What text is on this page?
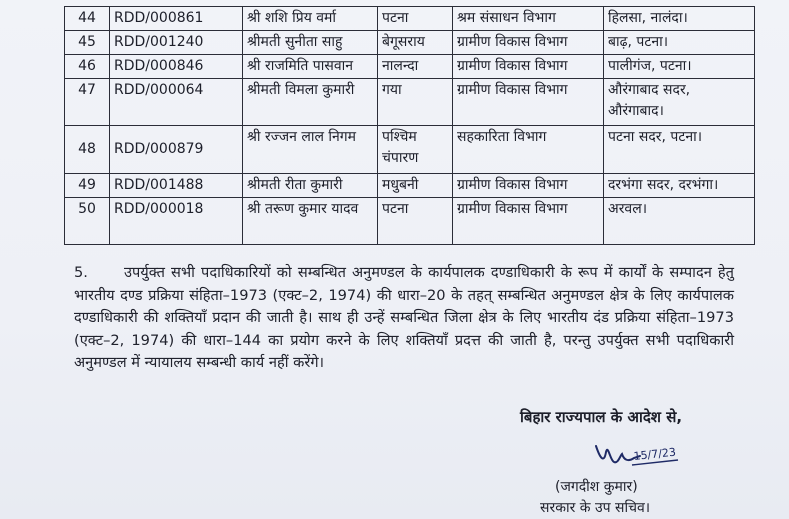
44	RDD/000861	श्री शशि प्रिय वर्मा	पटना	श्रम संसाधन विभाग	हिलसा, नालंदा।
45	RDD/001240	श्रीमती सुनीता साहु	बेगूसराय	ग्रामीण विकास विभाग	बाढ़, पटना।
46	RDD/000846	श्री राजमिति पासवान	नालन्दा	ग्रामीण विकास विभाग	पालीगंज, पटना।
47	RDD/000064	श्रीमती विमला कुमारी	गया	ग्रामीण विकास विभाग	औरंगाबाद सदर, औरंगाबाद।
48	RDD/000879	श्री रज्जन लाल निगम	पश्चिम चंपारण	सहकारिता विभाग	पटना सदर, पटना।
49	RDD/001488	श्रीमती रीता कुमारी	मधुबनी	ग्रामीण विकास विभाग	दरभंगा सदर, दरभंगा।
50	RDD/000018	श्री तरूण कुमार यादव	पटना	ग्रामीण विकास विभाग	अरवल।
5. उपर्युक्त सभी पदाधिकारियों को सम्बन्धित अनुमण्डल के कार्यपालक दण्डाधिकारी के रूप में कार्यों के सम्पादन हेतु भारतीय दण्ड प्रक्रिया संहिता–1973 (एक्ट–2, 1974) की धारा–20 के तहत् सम्बन्धित अनुमण्डल क्षेत्र के लिए कार्यपालक दण्डाधिकारी की शक्तियाँ प्रदान की जाती है। साथ ही उन्हें सम्बन्धित जिला क्षेत्र के लिए भारतीय दंड प्रक्रिया संहिता–1973 (एक्ट–2, 1974) की धारा–144 का प्रयोग करने के लिए शक्तियाँ प्रदत्त की जाती है, परन्तु उपर्युक्त सभी पदाधिकारी अनुमण्डल में न्यायालय सम्बन्धी कार्य नहीं करेंगे।
बिहार राज्यपाल के आदेश से,
15/7/23
(जगदीश कुमार)
सरकार के उप सचिव।
